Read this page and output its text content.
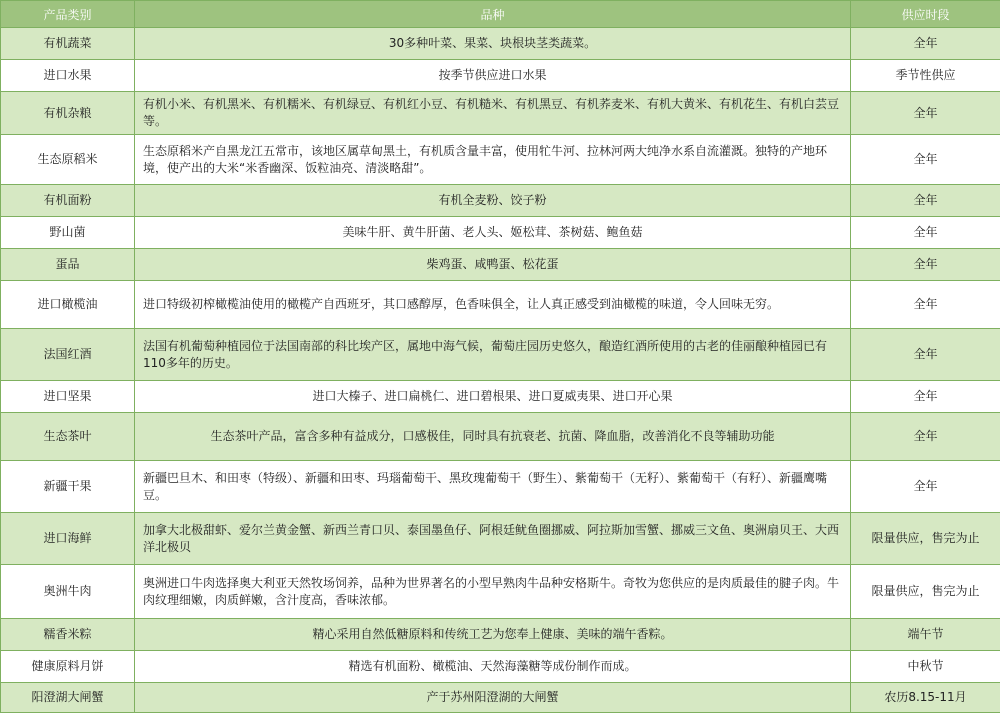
产品类别	品种	供应时段
有机蔬菜	30多种叶菜、果菜、块根块茎类蔬菜。	全年
进口水果	按季节供应进口水果	季节性供应
有机杂粮	有机小米、有机黑米、有机糯米、有机绿豆、有机红小豆、有机糙米、有机黑豆、有机荞麦米、有机大黄米、有机花生、有机白芸豆等。	全年
生态原稻米	生态原稻米产自黑龙江五常市，该地区属草甸黑土，有机质含量丰富，使用牤牛河、拉林河两大纯净水系自流灌溉。独特的产地环境，使产出的大米“米香幽深、饭粒油亮、清淡略甜”。	全年
有机面粉	有机全麦粉、饺子粉	全年
野山菌	美味牛肝、黄牛肝菌、老人头、姬松茸、茶树菇、鲍鱼菇	全年
蛋品	柴鸡蛋、咸鸭蛋、松花蛋	全年
进口橄榄油	进口特级初榨橄榄油使用的橄榄产自西班牙，其口感醇厚，色香味俱全，让人真正感受到油橄榄的味道，令人回味无穷。	全年
法国红酒	法国有机葡萄种植园位于法国南部的科比埃产区，属地中海气候，葡萄庄园历史悠久，酿造红酒所使用的古老的佳丽酿种植园已有110多年的历史。	全年
进口坚果	进口大榛子、进口扁桃仁、进口碧根果、进口夏威夷果、进口开心果	全年
生态茶叶	生态茶叶产品，富含多种有益成分，口感极佳，同时具有抗衰老、抗菌、降血脂，改善消化不良等辅助功能	全年
新疆干果	新疆巴旦木、和田枣（特级）、新疆和田枣、玛瑙葡萄干、黑玫瑰葡萄干（野生）、紫葡萄干（无籽）、紫葡萄干（有籽）、新疆鹰嘴豆。	全年
进口海鲜	加拿大北极甜虾、爱尔兰黄金蟹、新西兰青口贝、泰国墨鱼仔、阿根廷鱿鱼圈挪威、阿拉斯加雪蟹、挪威三文鱼、奥洲扇贝王、大西洋北极贝	限量供应，售完为止
奥洲牛肉	奥洲进口牛肉选择奥大利亚天然牧场饲养，品种为世界著名的小型早熟肉牛品种安格斯牛。奇牧为您供应的是肉质最佳的腱子肉。牛肉纹理细嫩，肉质鲜嫩，含汁度高，香味浓郁。	限量供应，售完为止
糯香米粽	精心采用自然低糖原料和传统工艺为您奉上健康、美味的端午香粽。	端午节
健康原料月饼	精选有机面粉、橄榄油、天然海藻糖等成份制作而成。	中秋节
阳澄湖大闸蟹	产于苏州阳澄湖的大闸蟹	农历8.15-11月
